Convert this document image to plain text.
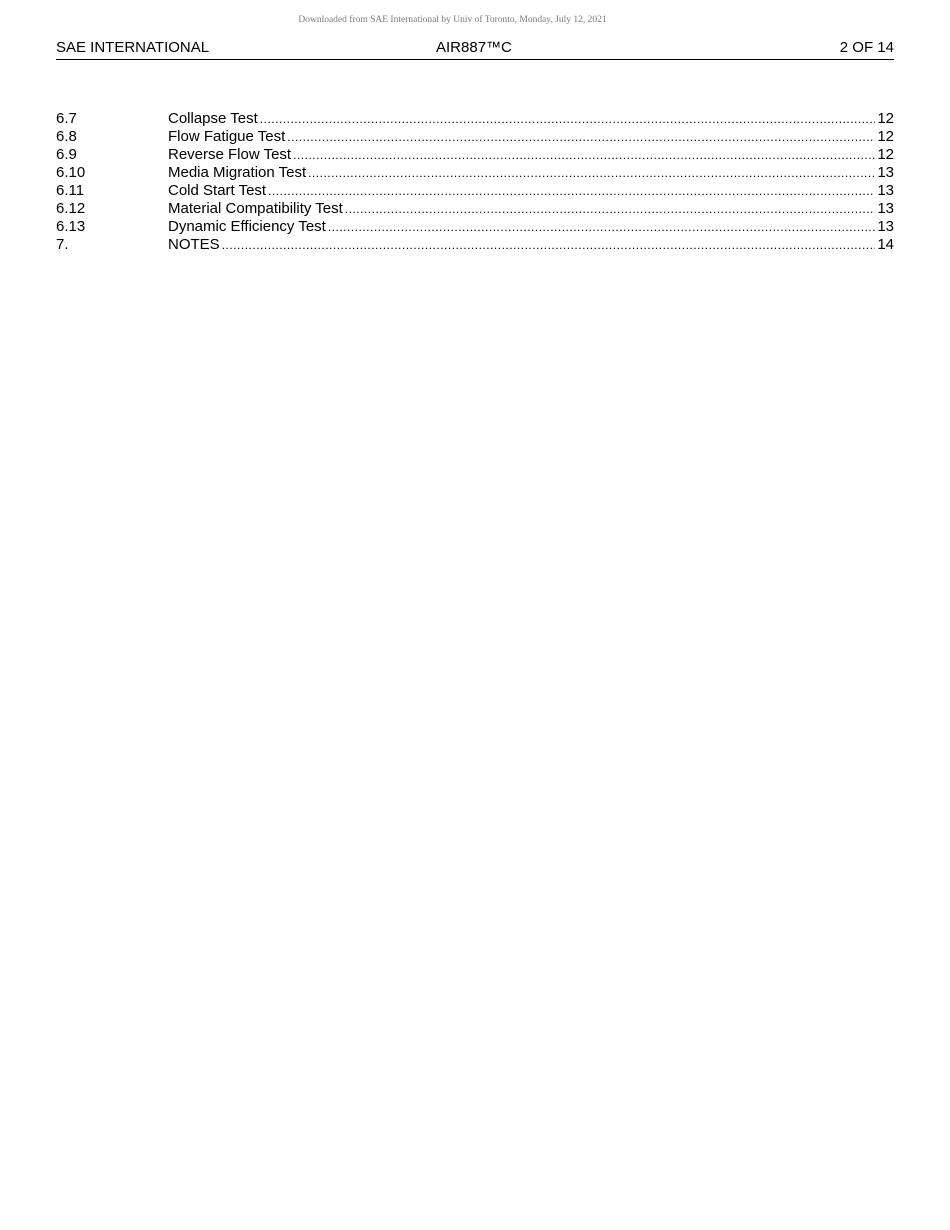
Downloaded from SAE International by Univ of Toronto, Monday, July 12, 2021
SAE INTERNATIONAL	AIR887™C	2 OF 14
6.7	Collapse Test .....	12
6.8	Flow Fatigue Test .....	12
6.9	Reverse Flow Test .....	12
6.10	Media Migration Test .....	13
6.11	Cold Start Test .....	13
6.12	Material Compatibility Test .....	13
6.13	Dynamic Efficiency Test .....	13
7.	NOTES .....	14
